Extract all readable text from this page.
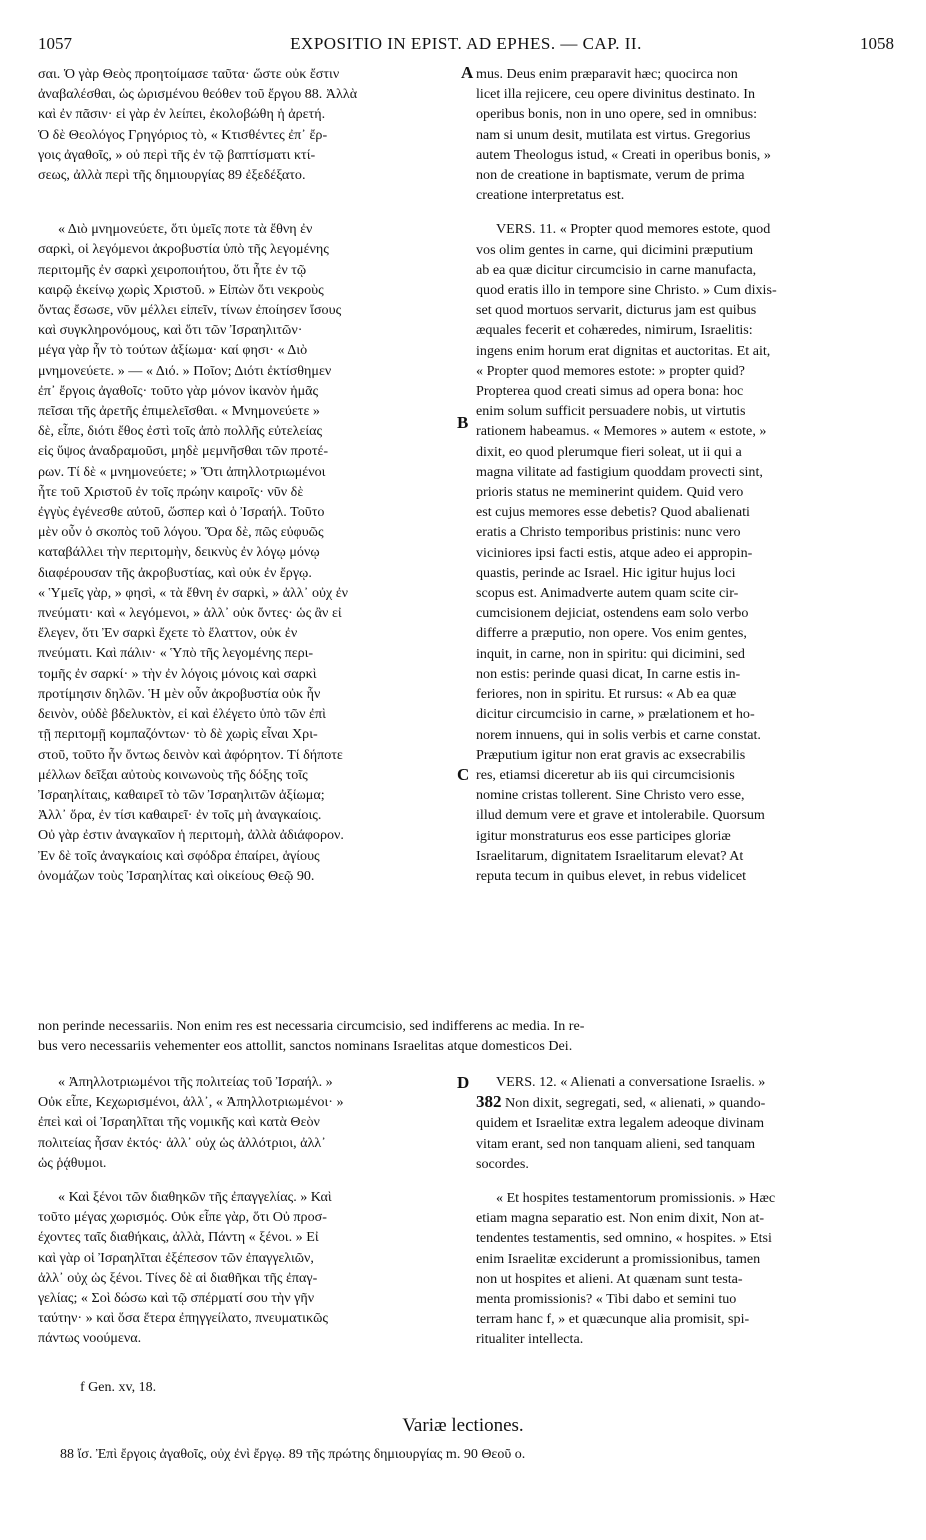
1057	EXPOSITIO IN EPIST. AD EPHES. — CAP. II.	1058
A
B
C
D

σαι. Ὁ γὰρ Θεὸς προητοίμασε ταῦτα· ὥστε οὐκ ἔστιν

ἀναβαλέσθαι, ὡς ὡρισμένου θεόθεν τοῦ ἔργου 88. Ἀλλὰ

καὶ ἐν πᾶσιν· εἰ γὰρ ἐν λείπει, ἐκολοβώθη ἡ ἀρετή.

Ὁ δὲ Θεολόγος Γρηγόριος τὸ, « Κτισθέντες ἐπ᾽ ἔρ-

γοις ἀγαθοῖς, » οὐ περὶ τῆς ἐν τῷ βαπτίσματι κτί-

σεως, ἀλλὰ περὶ τῆς δημιουργίας 89 ἐξεδέξατο.

« Διὸ μνημονεύετε, ὅτι ὑμεῖς ποτε τὰ ἔθνη ἐν

σαρκὶ, οἱ λεγόμενοι ἀκροβυστία ὑπὸ τῆς λεγομένης

περιτομῆς ἐν σαρκὶ χειροποιήτου, ὅτι ἦτε ἐν τῷ

καιρῷ ἐκείνῳ χωρὶς Χριστοῦ. » Εἰπὼν ὅτι νεκροὺς

ὄντας ἔσωσε, νῦν μέλλει εἰπεῖν, τίνων ἐποίησεν ἴσους

καὶ συγκληρονόμους, καὶ ὅτι τῶν Ἰσραηλιτῶν·

μέγα γὰρ ἦν τὸ τούτων ἀξίωμα· καί φησι· « Διὸ

μνημονεύετε. » — « Διό. » Ποῖον; Διότι ἐκτίσθημεν

ἐπ᾽ ἔργοις ἀγαθοῖς· τοῦτο γὰρ μόνον ἱκανὸν ἡμᾶς

πεῖσαι τῆς ἀρετῆς ἐπιμελεῖσθαι. « Μνημονεύετε »

δὲ, εἶπε, διότι ἔθος ἐστὶ τοῖς ἀπὸ πολλῆς εὐτελείας

εἰς ὕψος ἀναδραμοῦσι, μηδὲ μεμνῆσθαι τῶν προτέ-

ρων. Τί δὲ « μνημονεύετε; » Ὅτι ἀπηλλοτριωμένοι

ἦτε τοῦ Χριστοῦ ἐν τοῖς πρώην καιροῖς· νῦν δὲ

ἐγγὺς ἐγένεσθε αὐτοῦ, ὥσπερ καὶ ὁ Ἰσραήλ. Τοῦτο

μὲν οὖν ὁ σκοπὸς τοῦ λόγου. Ὅρα δὲ, πῶς εὐφυῶς

καταβάλλει τὴν περιτομὴν, δεικνὺς ἐν λόγῳ μόνῳ

διαφέρουσαν τῆς ἀκροβυστίας, καὶ οὐκ ἐν ἔργῳ.

« Ὑμεῖς γὰρ, » φησὶ, « τὰ ἔθνη ἐν σαρκὶ, » ἀλλ᾽ οὐχ ἐν

πνεύματι· καὶ « λεγόμενοι, » ἀλλ᾽ οὐκ ὄντες· ὡς ἂν εἰ

ἔλεγεν, ὅτι Ἐν σαρκὶ ἔχετε τὸ ἔλαττον, οὐκ ἐν

πνεύματι. Καὶ πάλιν· « Ὑπὸ τῆς λεγομένης περι-

τομῆς ἐν σαρκί· » τὴν ἐν λόγοις μόνοις καὶ σαρκὶ

προτίμησιν δηλῶν. Ἡ μὲν οὖν ἀκροβυστία οὐκ ἦν

δεινὸν, οὐδὲ βδελυκτὸν, εἰ καὶ ἐλέγετο ὑπὸ τῶν ἐπὶ

τῇ περιτομῇ κομπαζόντων· τὸ δὲ χωρὶς εἶναι Χρι-

στοῦ, τοῦτο ἦν ὄντως δεινὸν καὶ ἀφόρητον. Τί δήποτε

μέλλων δεῖξαι αὐτοὺς κοινωνοὺς τῆς δόξης τοῖς

Ἰσραηλίταις, καθαιρεῖ τὸ τῶν Ἰσραηλιτῶν ἀξίωμα;

Ἀλλ᾽ ὅρα, ἐν τίσι καθαιρεῖ· ἐν τοῖς μὴ ἀναγκαίοις.

Οὐ γὰρ ἐστιν ἀναγκαῖον ἡ περιτομὴ, ἀλλὰ ἀδιάφορον.

Ἐν δὲ τοῖς ἀναγκαίοις καὶ σφόδρα ἐπαίρει, ἁγίους

ὀνομάζων τοὺς Ἰσραηλίτας καὶ οἰκείους Θεῷ 90.

mus. Deus enim præparavit hæc; quocirca non

licet illa rejicere, ceu opere divinitus destinato. In

operibus bonis, non in uno opere, sed in omnibus:

nam si unum desit, mutilata est virtus. Gregorius

autem Theologus istud, « Creati in operibus bonis, »

non de creatione in baptismate, verum de prima

creatione interpretatus est.

VERS. 11. « Propter quod memores estote, quod

vos olim gentes in carne, qui dicimini præputium

ab ea quæ dicitur circumcisio in carne manufacta,

quod eratis illo in tempore sine Christo. » Cum dixis-

set quod mortuos servarit, dicturus jam est quibus

æquales fecerit et cohæredes, nimirum, Israelitis:

ingens enim horum erat dignitas et auctoritas. Et ait,

« Propter quod memores estote: » propter quid?

Propterea quod creati simus ad opera bona: hoc

enim solum sufficit persuadere nobis, ut virtutis

rationem habeamus. « Memores » autem « estote, »

dixit, eo quod plerumque fieri soleat, ut ii qui a

magna vilitate ad fastigium quoddam provecti sint,

prioris status ne meminerint quidem. Quid vero

est cujus memores esse debetis? Quod abalienati

eratis a Christo temporibus pristinis: nunc vero

viciniores ipsi facti estis, atque adeo ei appropin-

quastis, perinde ac Israel. Hic igitur hujus loci

scopus est. Animadverte autem quam scite cir-

cumcisionem dejiciat, ostendens eam solo verbo

differre a præputio, non opere. Vos enim gentes,

inquit, in carne, non in spiritu: qui dicimini, sed

non estis: perinde quasi dicat, In carne estis in-

feriores, non in spiritu. Et rursus: « Ab ea quæ

dicitur circumcisio in carne, » prælationem et ho-

norem innuens, qui in solis verbis et carne constat.

Præputium igitur non erat gravis ac exsecrabilis

res, etiamsi diceretur ab iis qui circumcisionis

nomine cristas tollerent. Sine Christo vero esse,

illud demum vere et grave et intolerabile. Quorsum

igitur monstraturus eos esse participes gloriæ

Israelitarum, dignitatem Israelitarum elevat? At

reputa tecum in quibus elevet, in rebus videlicet

non perinde necessariis. Non enim res est necessaria circumcisio, sed indifferens ac media. In re-

bus vero necessariis vehementer eos attollit, sanctos nominans Israelitas atque domesticos Dei.

« Ἀπηλλοτριωμένοι τῆς πολιτείας τοῦ Ἰσραήλ. »

Οὐκ εἶπε, Κεχωρισμένοι, ἀλλ᾽, « Ἀπηλλοτριωμένοι· »

ἐπεὶ καὶ οἱ Ἰσραηλῖται τῆς νομικῆς καὶ κατὰ Θεὸν

πολιτείας ἦσαν ἐκτός· ἀλλ᾽ οὐχ ὡς ἀλλότριοι, ἀλλ᾽

ὡς ῥᾴθυμοι.

« Καὶ ξένοι τῶν διαθηκῶν τῆς ἐπαγγελίας. » Καὶ

τοῦτο μέγας χωρισμός. Οὐκ εἶπε γὰρ, ὅτι Οὐ προσ-

έχοντες ταῖς διαθήκαις, ἀλλὰ, Πάντη « ξένοι. » Εἰ

καὶ γὰρ οἱ Ἰσραηλῖται ἐξέπεσον τῶν ἐπαγγελιῶν,

ἀλλ᾽ οὐχ ὡς ξένοι. Τίνες δὲ αἱ διαθῆκαι τῆς ἐπαγ-

γελίας; « Σοὶ δώσω καὶ τῷ σπέρματί σου τὴν γῆν

ταύτην· » καὶ ὅσα ἕτερα ἐπηγγείλατο, πνευματικῶς

πάντως νοούμενα.

VERS. 12. « Alienati a conversatione Israelis. »

382 Non dixit, segregati, sed, « alienati, » quando-

quidem et Israelitæ extra legalem adeoque divinam

vitam erant, sed non tanquam alieni, sed tanquam

socordes.

« Et hospites testamentorum promissionis. » Hæc

etiam magna separatio est. Non enim dixit, Non at-

tendentes testamentis, sed omnino, « hospites. » Etsi

enim Israelitæ exciderunt a promissionibus, tamen

non ut hospites et alieni. At quænam sunt testa-

menta promissionis? « Tibi dabo et semini tuo

terram hanc f, » et quæcunque alia promisit, spi-

ritualiter intellecta.

f Gen. xv, 18.
Variæ lectiones.
88 ἴσ. Ἐπὶ ἔργοις ἀγαθοῖς, οὐχ ἐνὶ ἔργῳ. 89 τῆς πρώτης δημιουργίας m. 90 Θεοῦ o.
